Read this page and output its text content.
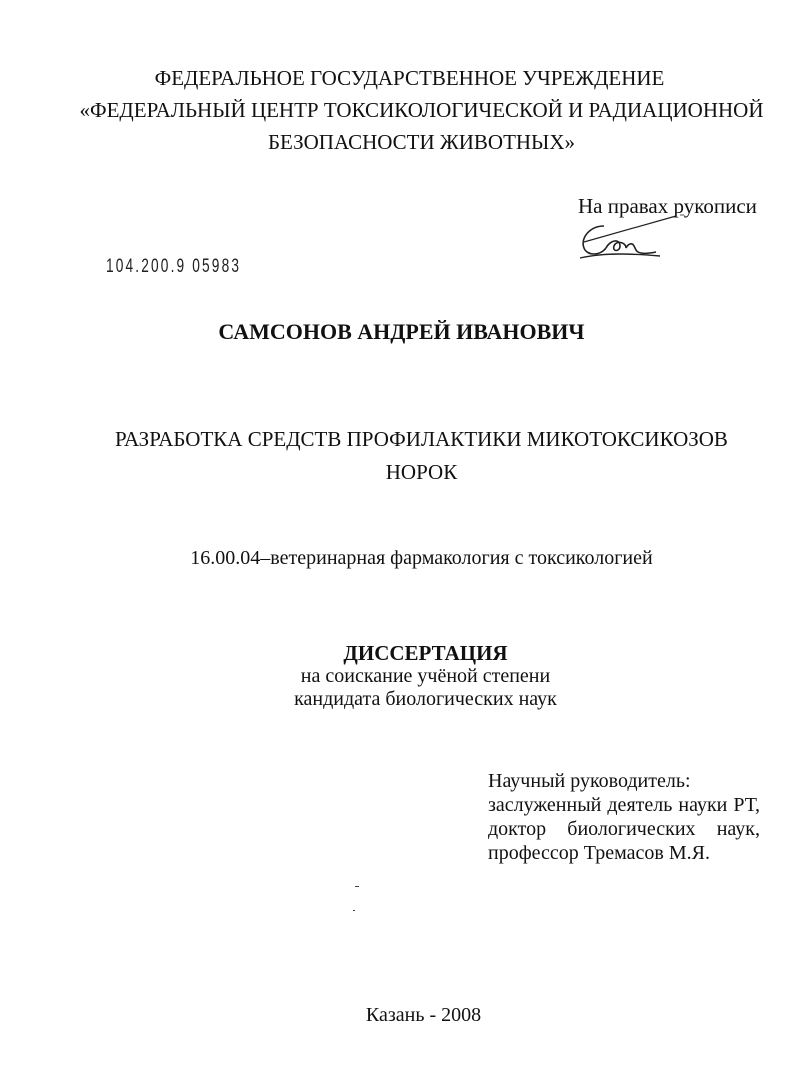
ФЕДЕРАЛЬНОЕ ГОСУДАРСТВЕННОЕ УЧРЕЖДЕНИЕ
«ФЕДЕРАЛЬНЫЙ ЦЕНТР ТОКСИКОЛОГИЧЕСКОЙ И РАДИАЦИОННОЙ
БЕЗОПАСНОСТИ ЖИВОТНЫХ»
На правах рукописи
104.200.9 05983
САМСОНОВ АНДРЕЙ ИВАНОВИЧ
РАЗРАБОТКА СРЕДСТВ ПРОФИЛАКТИКИ МИКОТОКСИКОЗОВ
НОРОК
16.00.04–ветеринарная фармакология с токсикологией
ДИССЕРТАЦИЯ
на соискание учёной степени
кандидата биологических наук
Научный руководитель:
заслуженный деятель науки РТ,
доктор биологических наук,
профессор Тремасов М.Я.
Казань - 2008
